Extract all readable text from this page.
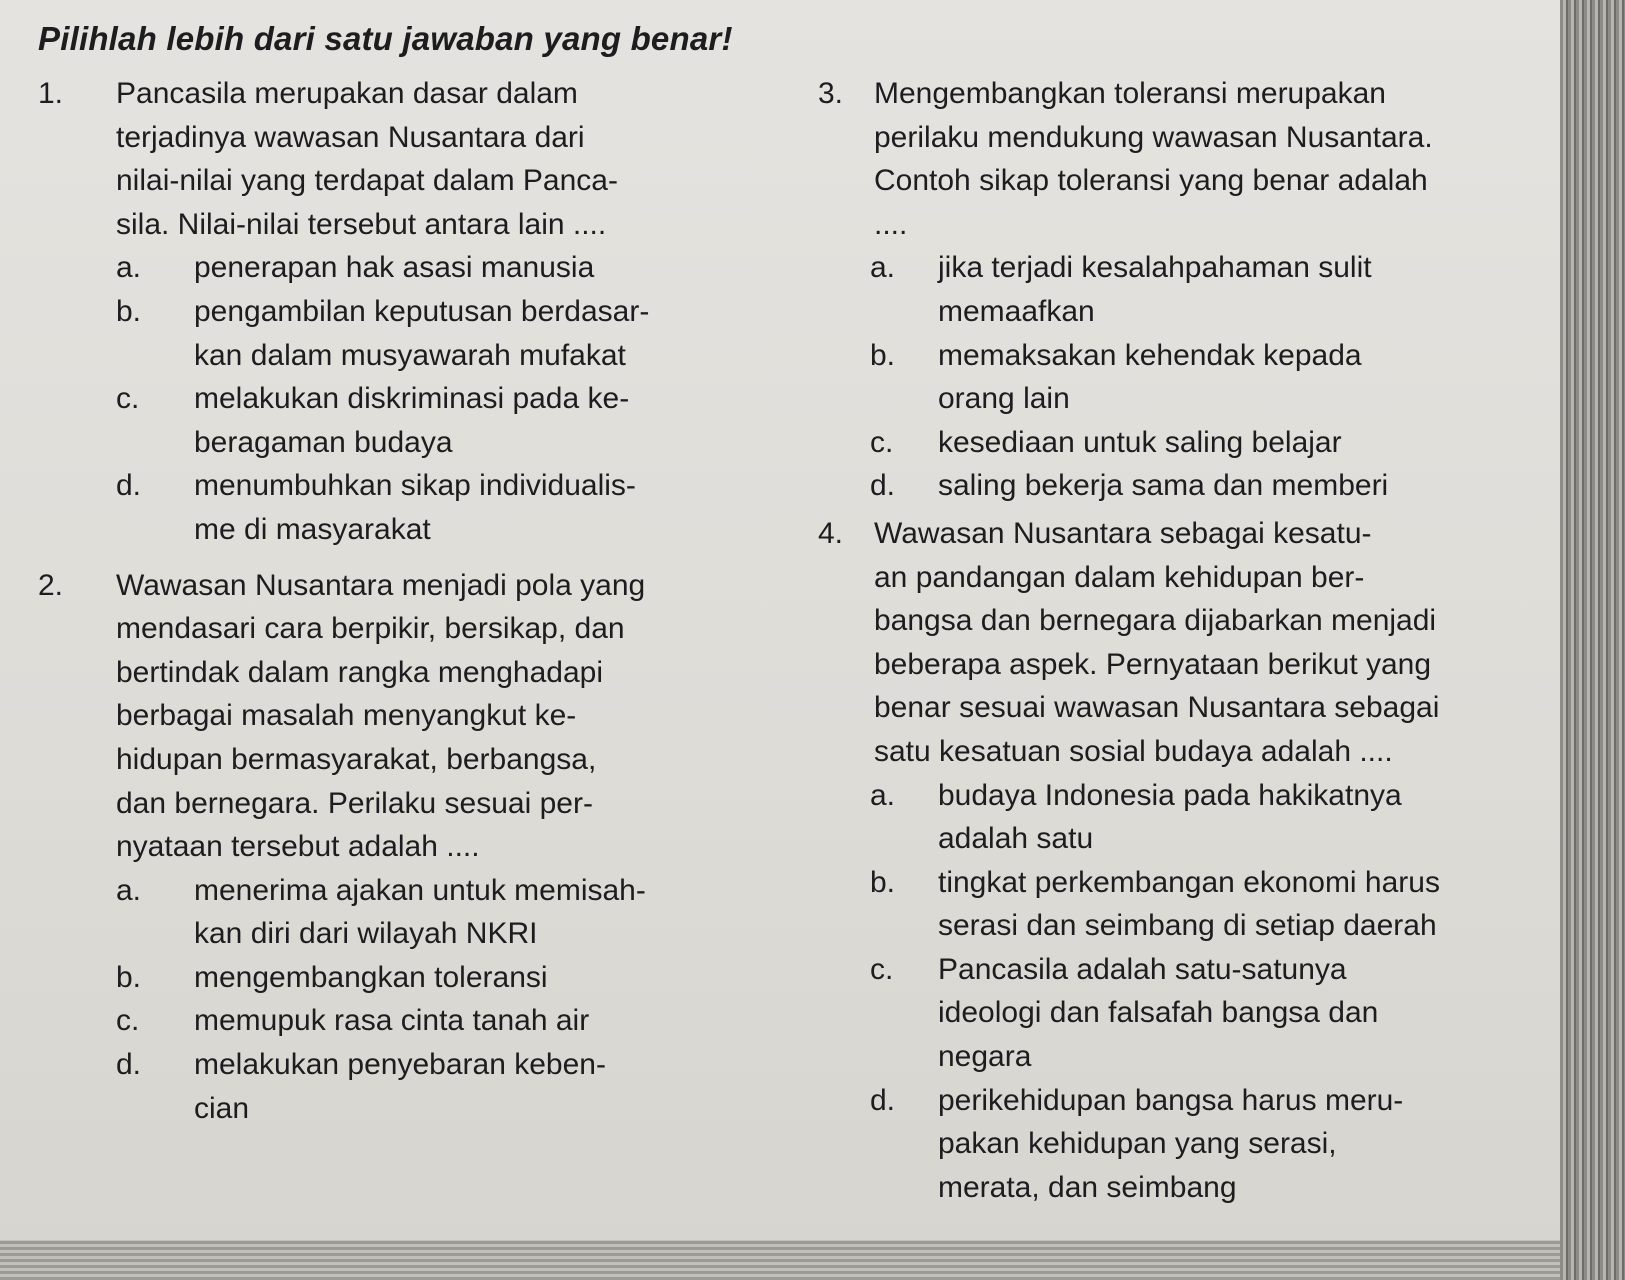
Pilihlah lebih dari satu jawaban yang benar!
1. Pancasila merupakan dasar dalam
terjadinya wawasan Nusantara dari
nilai-nilai yang terdapat dalam Panca-
sila. Nilai-nilai tersebut antara lain ....
a. penerapan hak asasi manusia
b. pengambilan keputusan berdasar-
kan dalam musyawarah mufakat
c. melakukan diskriminasi pada ke-
beragaman budaya
d. menumbuhkan sikap individualis-
me di masyarakat
2. Wawasan Nusantara menjadi pola yang
mendasari cara berpikir, bersikap, dan
bertindak dalam rangka menghadapi
berbagai masalah menyangkut ke-
hidupan bermasyarakat, berbangsa,
dan bernegara. Perilaku sesuai per-
nyataan tersebut adalah ....
a. menerima ajakan untuk memisah-
kan diri dari wilayah NKRI
b. mengembangkan toleransi
c. memupuk rasa cinta tanah air
d. melakukan penyebaran keben-
cian
3. Mengembangkan toleransi merupakan
perilaku mendukung wawasan Nusantara.
Contoh sikap toleransi yang benar adalah
....
a. jika terjadi kesalahpahaman sulit
memaafkan
b. memaksakan kehendak kepada
orang lain
c. kesediaan untuk saling belajar
d. saling bekerja sama dan memberi
4. Wawasan Nusantara sebagai kesatu-
an pandangan dalam kehidupan ber-
bangsa dan bernegara dijabarkan menjadi
beberapa aspek. Pernyataan berikut yang
benar sesuai wawasan Nusantara sebagai
satu kesatuan sosial budaya adalah ....
a. budaya Indonesia pada hakikatnya
adalah satu
b. tingkat perkembangan ekonomi harus
serasi dan seimbang di setiap daerah
c. Pancasila adalah satu-satunya
ideologi dan falsafah bangsa dan
negara
d. perikehidupan bangsa harus meru-
pakan kehidupan yang serasi,
merata, dan seimbang
